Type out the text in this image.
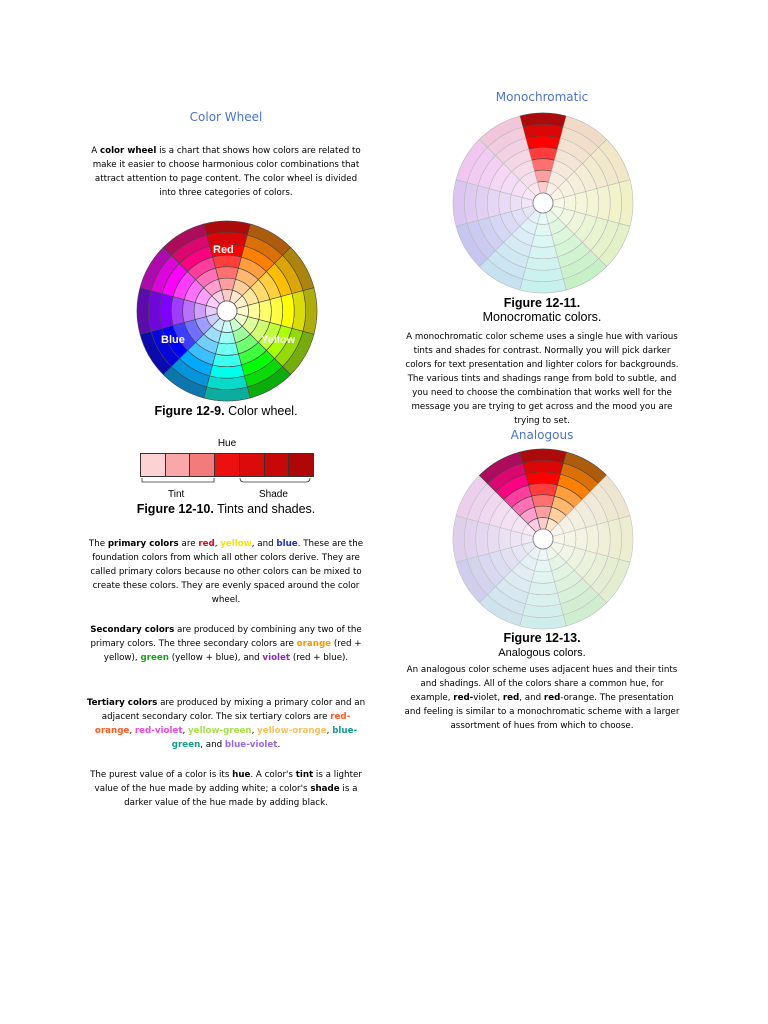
Color Wheel
A color wheel is a chart that shows how colors are related to make it easier to choose harmonious color combinations that attract attention to page content. The color wheel is divided into three categories of colors.
Red
Blue	Yellow
Figure 12-9. Color wheel.
Hue
Tint	Shade
Figure 12-10. Tints and shades.
The primary colors are red, yellow, and blue. These are the foundation colors from which all other colors derive. They are called primary colors because no other colors can be mixed to create these colors. They are evenly spaced around the color wheel.
Secondary colors are produced by combining any two of the primary colors. The three secondary colors are orange (red + yellow), green (yellow + blue), and violet (red + blue).
Tertiary colors are produced by mixing a primary color and an adjacent secondary color. The six tertiary colors are red-orange, red-violet, yellow-green, yellow-orange, blue-green, and blue-violet.
The purest value of a color is its hue. A color's tint is a lighter value of the hue made by adding white; a color's shade is a darker value of the hue made by adding black.
Monochromatic
Figure 12-11.
Monocromatic colors.
A monochromatic color scheme uses a single hue with various tints and shades for contrast. Normally you will pick darker colors for text presentation and lighter colors for backgrounds. The various tints and shadings range from bold to subtle, and you need to choose the combination that works well for the message you are trying to get across and the mood you are trying to set.
Analogous
Figure 12-13.
Analogous colors.
An analogous color scheme uses adjacent hues and their tints and shadings. All of the colors share a common hue, for example, red-violet, red, and red-orange. The presentation and feeling is similar to a monochromatic scheme with a larger assortment of hues from which to choose.
